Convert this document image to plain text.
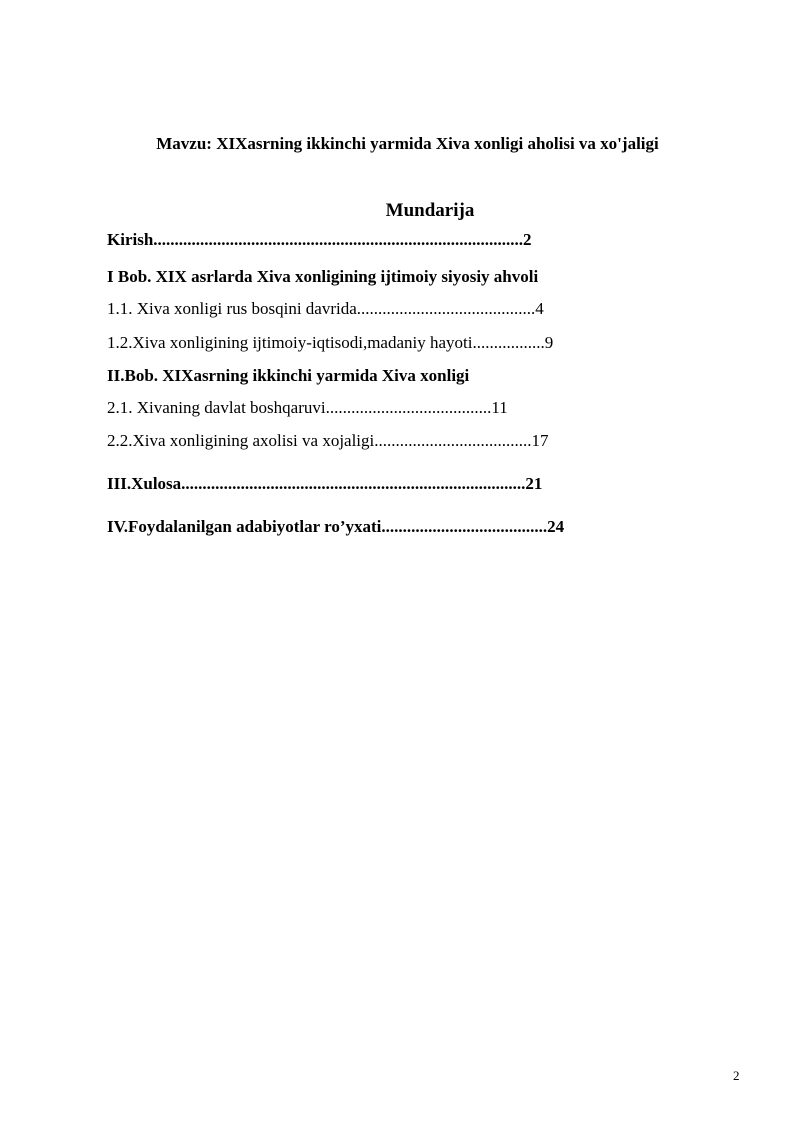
Mavzu: XIXasrning ikkinchi yarmida Xiva xonligi aholisi va xo'jaligi
Mundarija
Kirish.......................................................................................2
I Bob. XIX asrlarda Xiva xonligining ijtimoiy siyosiy ahvoli
1.1. Xiva xonligi rus bosqini davrida..........................................4
1.2.Xiva xonligining ijtimoiy-iqtisodi,madaniy hayoti.................9
II.Bob. XIXasrning ikkinchi yarmida Xiva xonligi
2.1. Xivaning davlat boshqaruvi.......................................11
2.2.Xiva xonligining axolisi va xojaligi.....................................17
III.Xulosa.................................................................................21
IV.Foydalanilgan adabiyotlar ro’yxati.......................................24
2
